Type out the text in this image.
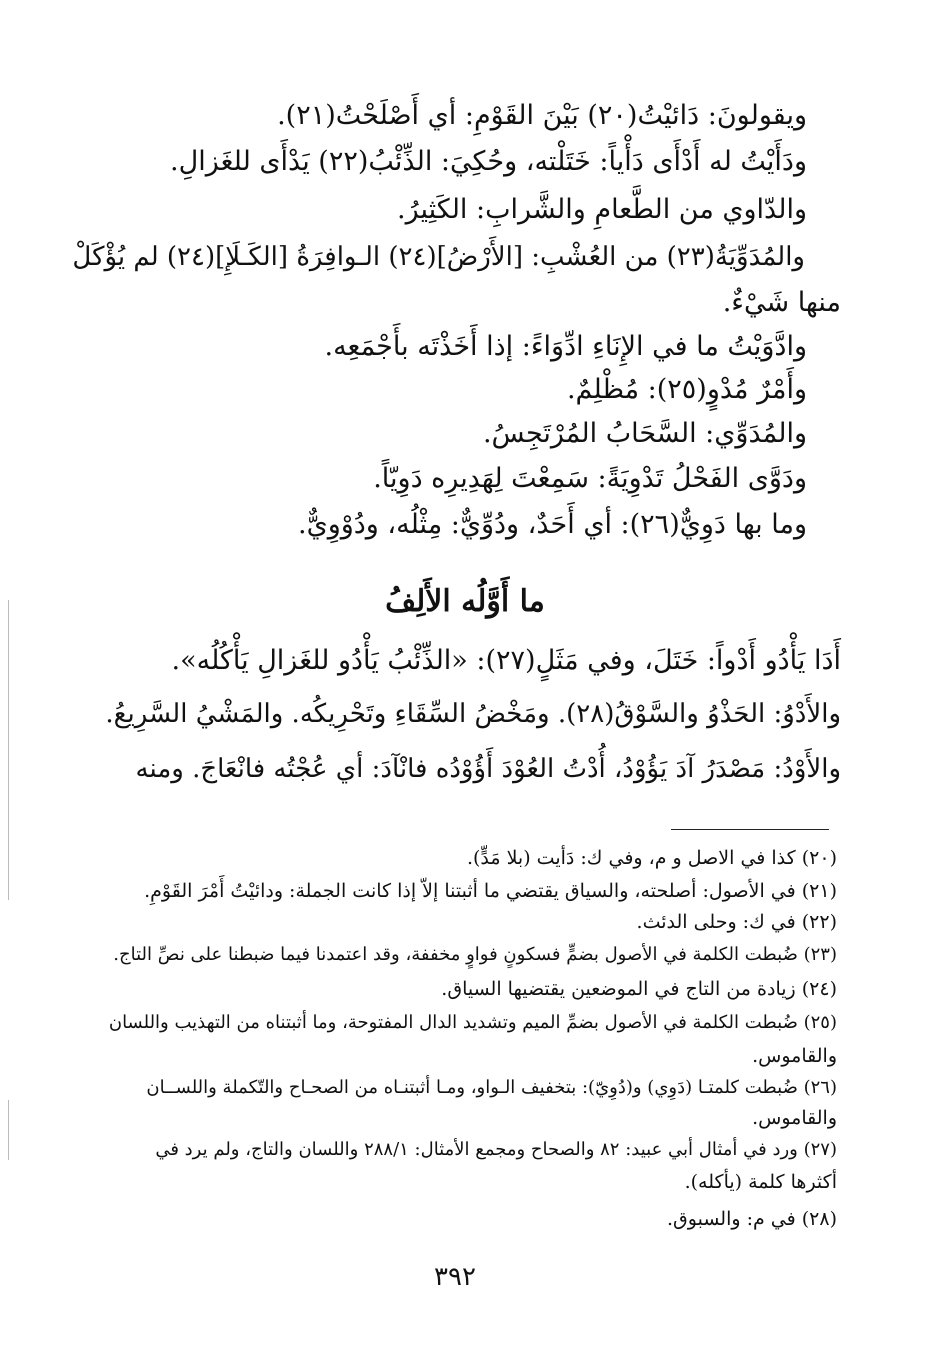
ويقولونَ: دَائيْتُ(٢٠) بَيْنَ القَوْمِ: أي أَصْلَحْتُ(٢١).
ودَأَيْتُ له أَدْأَى دَأْياً: خَتَلْته، وحُكِيَ: الذِّئْبُ(٢٢) يَدْأَى للغَزالِ.
والدّاوي من الطَّعامِ والشَّرابِ: الكَثِيرُ.
والمُدَوِّيَةُ(٢٣) من العُشْبِ: [الأَرْضُ](٢٤) الـوافِرَةُ [الكَـلَإِ](٢٤) لم يُؤْكَلْ
منها شَيْءٌ.
وادَّوَيْتُ ما في الإِنَاءِ ادِّوَاءً: إذا أَخَذْتَه بأَجْمَعِه.
وأَمْرٌ مُدْوٍ(٢٥): مُظْلِمٌ.
والمُدَوِّي: السَّحَابُ المُرْتَجِسُ.
ودَوَّى الفَحْلُ تَدْوِيَةً: سَمِعْتَ لِهَدِيرِه دَوِيّاً.
وما بها دَوِيٌّ(٢٦): أي أَحَدٌ، ودُوِّيٌّ: مِثْلُه، ودُوْوِيٌّ.
ما أَوَّلُه الأَلِفُ
أَدَا يَأْدُو أَدْواً: خَتَلَ، وفي مَثَلٍ(٢٧): «الذِّئْبُ يَأْدُو للغَزالِ يَأْكُلُه».
والأَدْوُ: الحَذْوُ والسَّوْقُ(٢٨). ومَخْضُ السِّقَاءِ وتَحْرِيكُه. والمَشْيُ السَّرِيعُ.
والأَوْدُ: مَصْدَرُ آدَ يَؤُوْدُ، أُدْتُ العُوْدَ أَؤُوْدُه فانْآدَ: أي عُجْتُه فانْعَاجَ. ومنه
(٢٠) كذا في الاصل و م، وفي ك: دَأيت (بلا مَدٍّ).
(٢١) في الأصول: أصلحته، والسياق يقتضي ما أثبتنا إلاّ إذا كانت الجملة: ودائيْتُ أَمْرَ القَوْمِ.
(٢٢) في ك: وحلى الدئث.
(٢٣) ضُبطت الكلمة في الأصول بضمٍّ فسكونٍ فواوٍ مخففة، وقد اعتمدنا فيما ضبطنا على نصِّ التاج.
(٢٤) زيادة من التاج في الموضعين يقتضيها السياق.
(٢٥) ضُبطت الكلمة في الأصول بضمِّ الميم وتشديد الدال المفتوحة، وما أثبتناه من التهذيب واللسان
والقاموس.
(٢٦) ضُبطت كلمتـا (دَوِي) و(دُوِيّ): بتخفيف الـواو، ومـا أثبتنـاه من الصحـاح والتّكملة واللســان
والقاموس.
(٢٧) ورد في أمثال أبي عبيد: ٨٢ والصحاح ومجمع الأمثال: ٢٨٨/١ واللسان والتاج، ولم يرد في
أكثرها كلمة (يأكله).
(٢٨) في م: والسبوق.
٣٩٢
